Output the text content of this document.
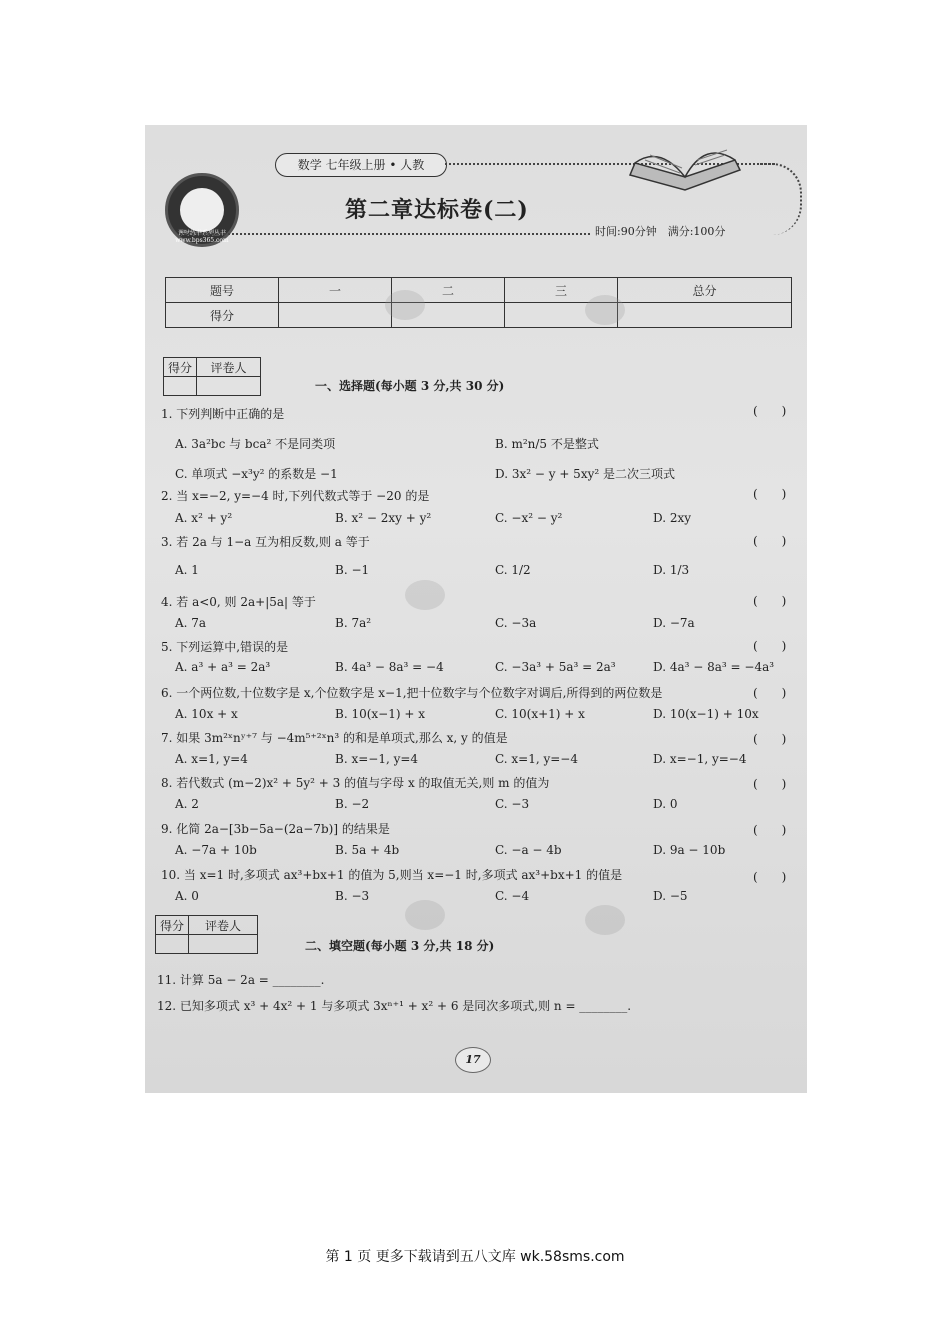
课时练书系列丛书 www.bps365.com
数学 七年级上册 • 人教
第二章达标卷(二)
时间:90分钟　满分:100分
题号	一	二	三	总分
得分				
得分	评卷人

一、选择题(每小题 3 分,共 30 分)
得分	评卷人

二、填空题(每小题 3 分,共 18 分)
11. 计算 5a − 2a = ________.
12. 已知多项式 x³ + 4x² + 1 与多项式 3xⁿ⁺¹ + x² + 6 是同次多项式,则 n = ________.
17
1. 下列判断中正确的是	(　　)
A. 3a²bc 与 bca² 不是同类项	B. m²n/5 不是整式
C. 单项式 −x³y² 的系数是 −1	D. 3x² − y + 5xy² 是二次三项式
2. 当 x=−2, y=−4 时,下列代数式等于 −20 的是	(　　)
A. x² + y²	B. x² − 2xy + y²	C. −x² − y²	D. 2xy
3. 若 2a 与 1−a 互为相反数,则 a 等于	(　　)
A. 1	B. −1	C. 1/2	D. 1/3
4. 若 a<0, 则 2a+|5a| 等于	(　　)
A. 7a	B. 7a²	C. −3a	D. −7a
5. 下列运算中,错误的是	(　　)
A. a³ + a³ = 2a³	B. 4a³ − 8a³ = −4	C. −3a³ + 5a³ = 2a³	D. 4a³ − 8a³ = −4a³
6. 一个两位数,十位数字是 x,个位数字是 x−1,把十位数字与个位数字对调后,所得到的两位数是	(　　)
A. 10x + x	B. 10(x−1) + x	C. 10(x+1) + x	D. 10(x−1) + 10x
7. 如果 3m²ˣnʸ⁺⁷ 与 −4m⁵⁺²ˣn³ 的和是单项式,那么 x, y 的值是	(　　)
A. x=1, y=4	B. x=−1, y=4	C. x=1, y=−4	D. x=−1, y=−4
8. 若代数式 (m−2)x² + 5y² + 3 的值与字母 x 的取值无关,则 m 的值为	(　　)
A. 2	B. −2	C. −3	D. 0
9. 化简 2a−[3b−5a−(2a−7b)] 的结果是	(　　)
A. −7a + 10b	B. 5a + 4b	C. −a − 4b	D. 9a − 10b
10. 当 x=1 时,多项式 ax³+bx+1 的值为 5,则当 x=−1 时,多项式 ax³+bx+1 的值是	(　　)
A. 0	B. −3	C. −4	D. −5
第 1 页 更多下载请到五八文库 wk.58sms.com
